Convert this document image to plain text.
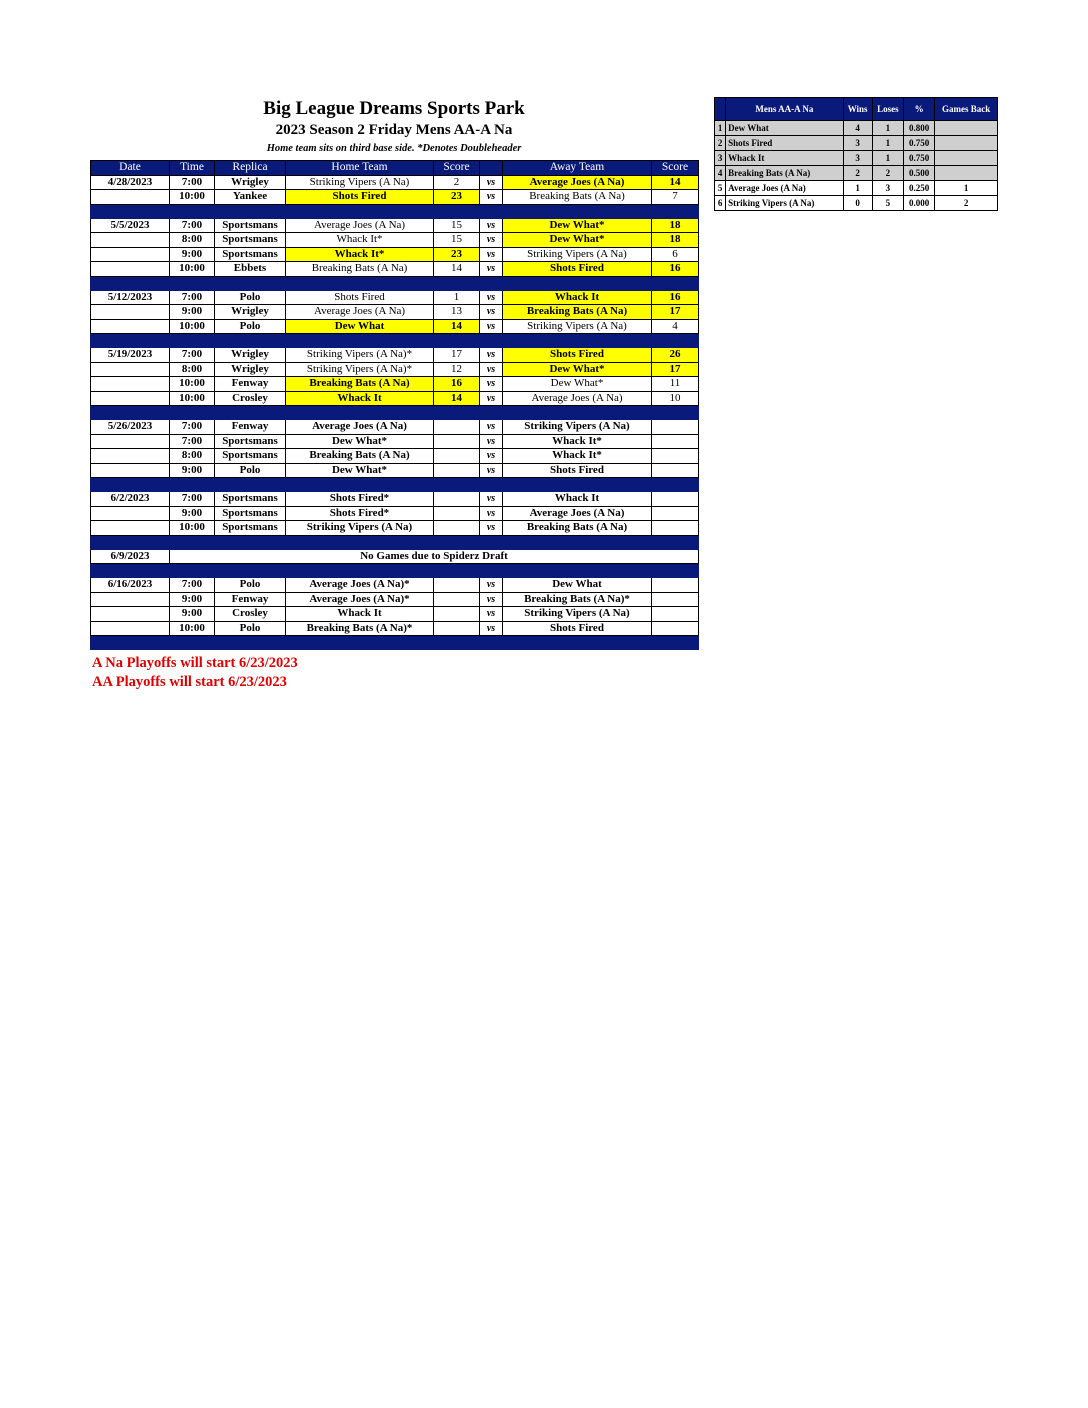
Big League Dreams Sports Park
2023 Season 2 Friday Mens AA-A Na
Home team sits on third base side. *Denotes Doubleheader
Date	Time	Replica	Home Team	Score		Away Team	Score
4/28/2023	7:00	Wrigley	Striking Vipers (A Na)	2	vs	Average Joes (A Na)	14
	10:00	Yankee	Shots Fired	23	vs	Breaking Bats (A Na)	7

5/5/2023	7:00	Sportsmans	Average Joes (A Na)	15	vs	Dew What*	18
	8:00	Sportsmans	Whack It*	15	vs	Dew What*	18
	9:00	Sportsmans	Whack It*	23	vs	Striking Vipers (A Na)	6
	10:00	Ebbets	Breaking Bats (A Na)	14	vs	Shots Fired	16

5/12/2023	7:00	Polo	Shots Fired	1	vs	Whack It	16
	9:00	Wrigley	Average Joes (A Na)	13	vs	Breaking Bats (A Na)	17
	10:00	Polo	Dew What	14	vs	Striking Vipers (A Na)	4

5/19/2023	7:00	Wrigley	Striking Vipers (A Na)*	17	vs	Shots Fired	26
	8:00	Wrigley	Striking Vipers (A Na)*	12	vs	Dew What*	17
	10:00	Fenway	Breaking Bats (A Na)	16	vs	Dew What*	11
	10:00	Crosley	Whack It	14	vs	Average Joes (A Na)	10

5/26/2023	7:00	Fenway	Average Joes (A Na)		vs	Striking Vipers (A Na)	
	7:00	Sportsmans	Dew What*		vs	Whack It*	
	8:00	Sportsmans	Breaking Bats (A Na)		vs	Whack It*	
	9:00	Polo	Dew What*		vs	Shots Fired	

6/2/2023	7:00	Sportsmans	Shots Fired*		vs	Whack It	
	9:00	Sportsmans	Shots Fired*		vs	Average Joes (A Na)	
	10:00	Sportsmans	Striking Vipers (A Na)		vs	Breaking Bats (A Na)	

6/9/2023	No Games due to Spiderz Draft						

6/16/2023	7:00	Polo	Average Joes (A Na)*		vs	Dew What	
	9:00	Fenway	Average Joes (A Na)*		vs	Breaking Bats (A Na)*	
	9:00	Crosley	Whack It		vs	Striking Vipers (A Na)	
	10:00	Polo	Breaking Bats (A Na)*		vs	Shots Fired	

	Mens AA-A Na	Wins	Loses	%	Games Back
1	Dew What	4	1	0.800	
2	Shots Fired	3	1	0.750	
3	Whack It	3	1	0.750	
4	Breaking Bats (A Na)	2	2	0.500	
5	Average Joes (A Na)	1	3	0.250	1
6	Striking Vipers (A Na)	0	5	0.000	2
A Na Playoffs will start 6/23/2023
AA Playoffs will start 6/23/2023
